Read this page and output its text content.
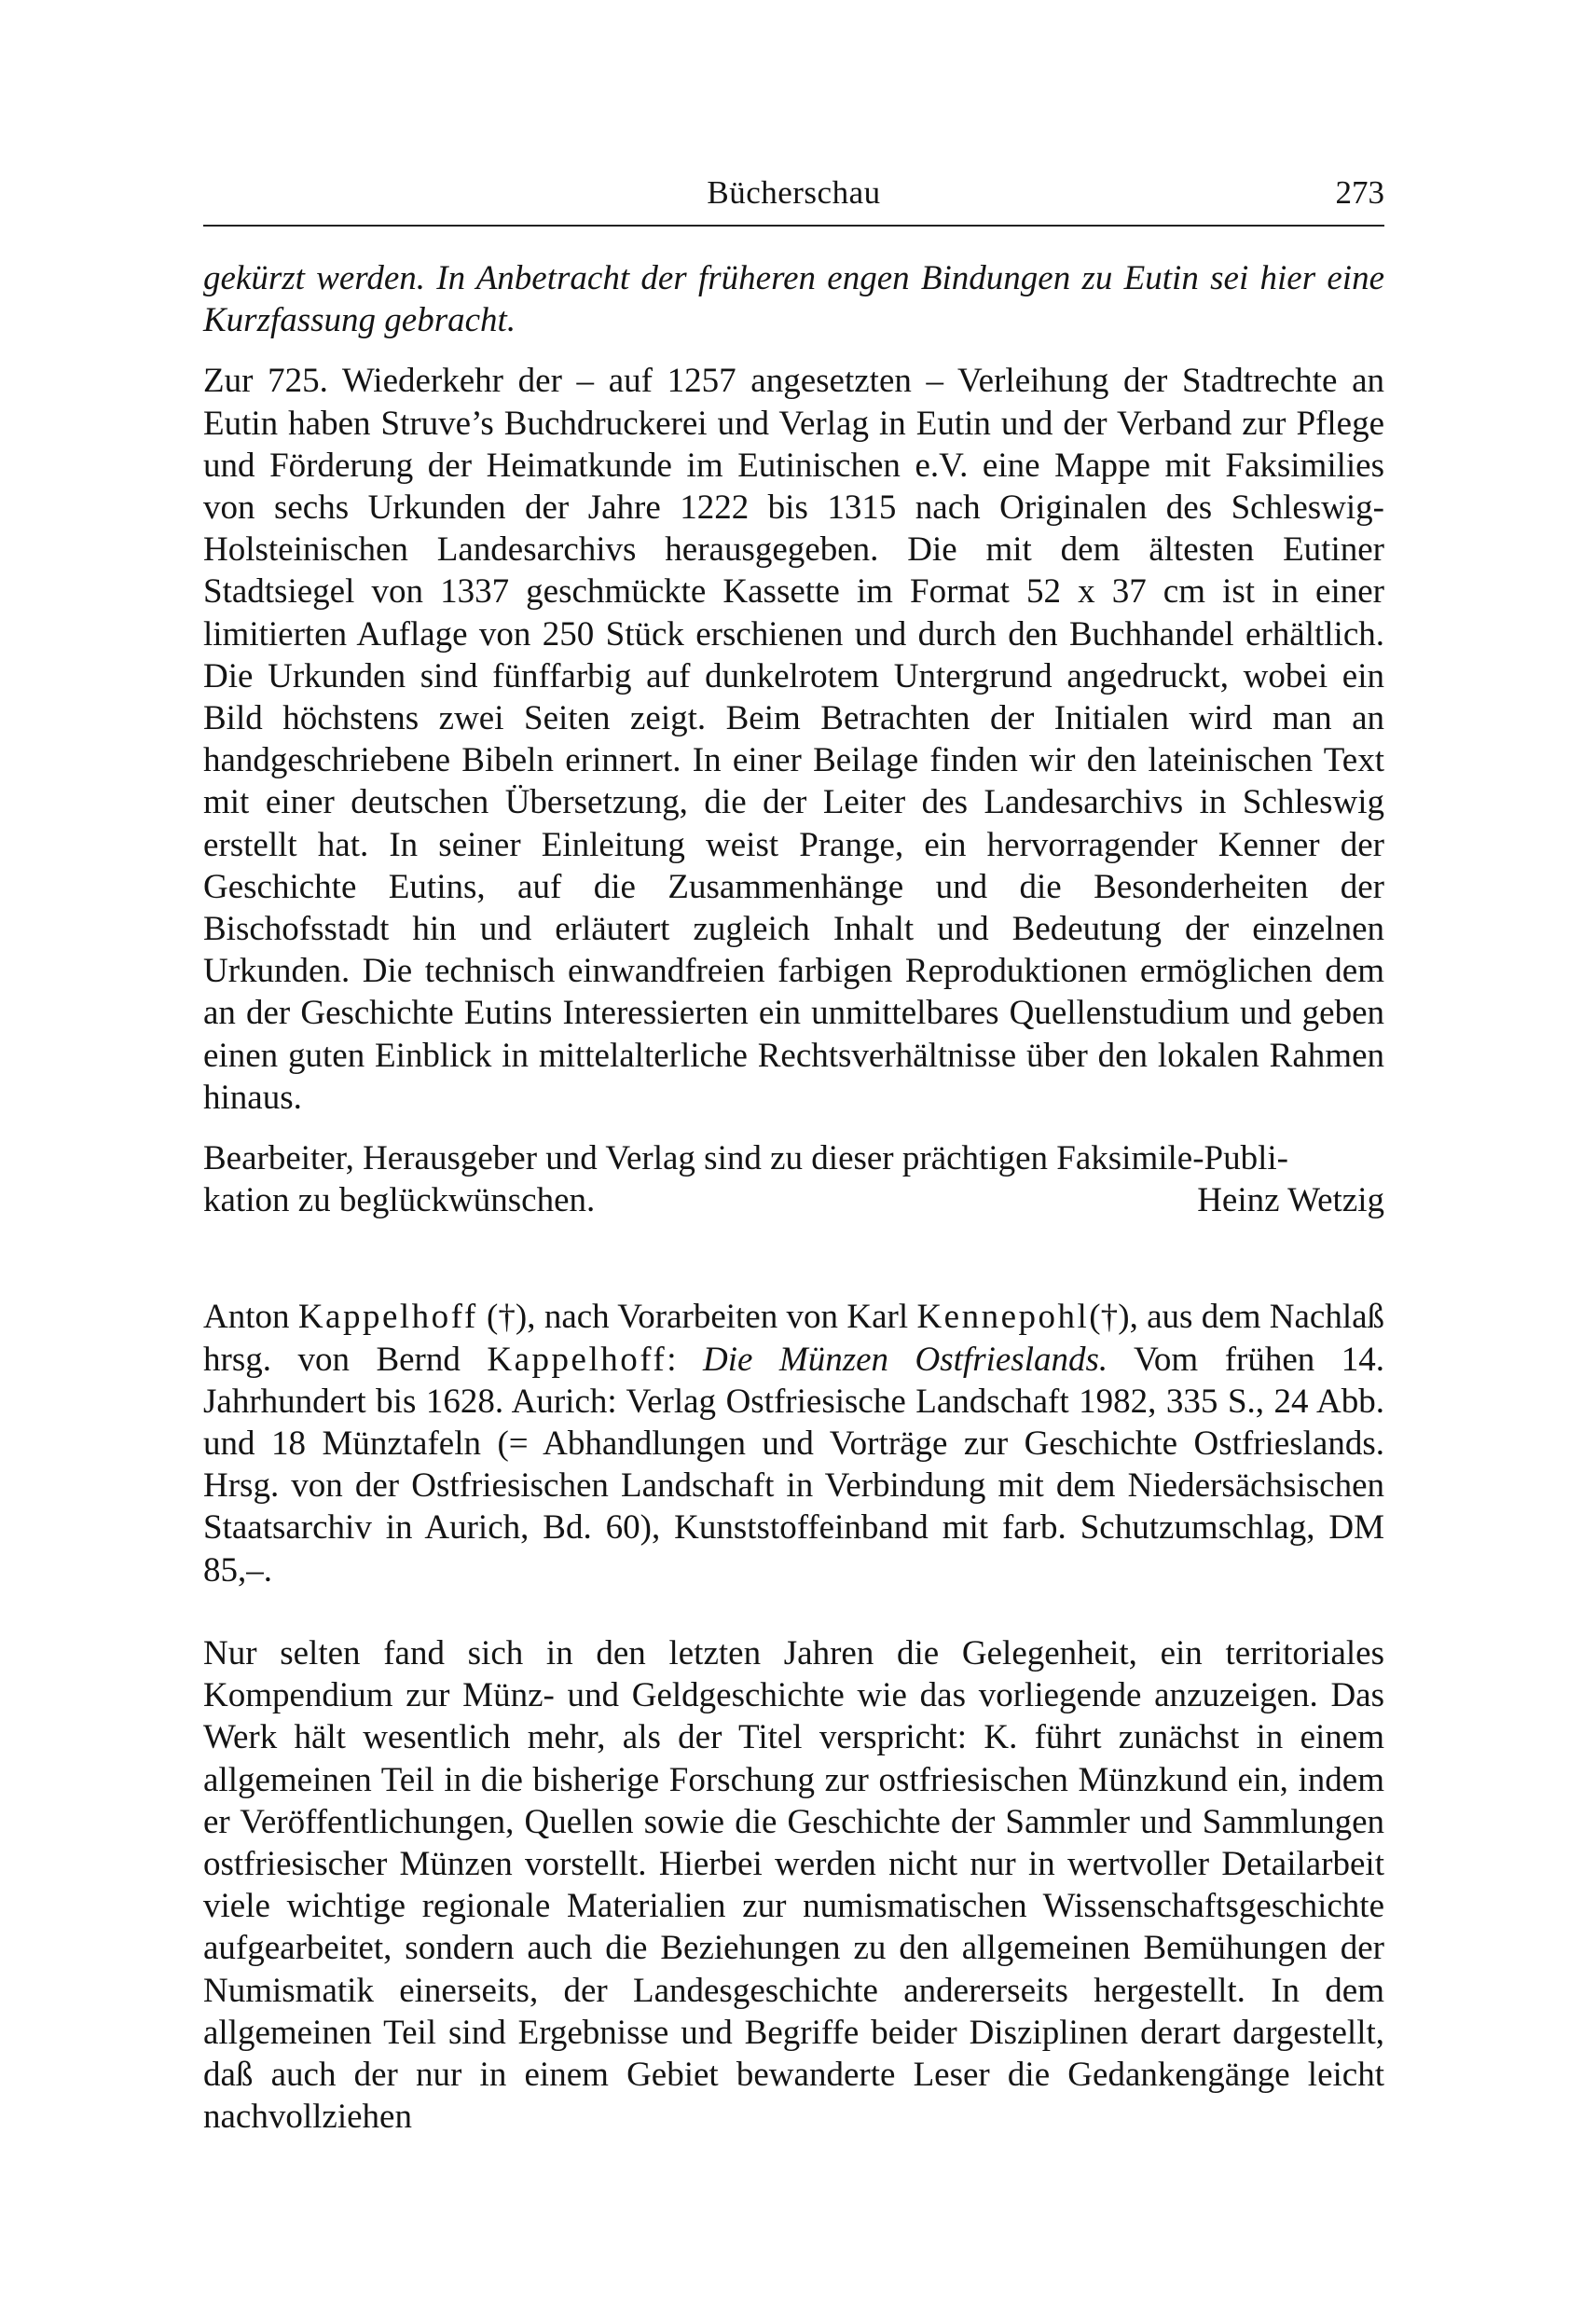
Bücherschau	273

gekürzt werden. In Anbetracht der früheren engen Bindungen zu Eutin sei hier eine Kurzfassung gebracht.

Zur 725. Wiederkehr der – auf 1257 angesetzten – Verleihung der Stadtrechte an Eutin haben Struve’s Buchdruckerei und Verlag in Eutin und der Verband zur Pflege und Förderung der Heimatkunde im Eutinischen e.V. eine Mappe mit Faksimilies von sechs Urkunden der Jahre 1222 bis 1315 nach Originalen des Schleswig-Holsteinischen Landesarchivs herausgegeben. Die mit dem ältesten Eutiner Stadtsiegel von 1337 geschmückte Kassette im Format 52 x 37 cm ist in einer limitierten Auflage von 250 Stück erschienen und durch den Buchhandel erhältlich. Die Urkunden sind fünffarbig auf dunkelrotem Untergrund angedruckt, wobei ein Bild höchstens zwei Seiten zeigt. Beim Betrachten der Initialen wird man an handgeschriebene Bibeln erinnert. In einer Beilage finden wir den lateinischen Text mit einer deutschen Übersetzung, die der Leiter des Landesarchivs in Schleswig erstellt hat. In seiner Einleitung weist Prange, ein hervorragender Kenner der Geschichte Eutins, auf die Zusammenhänge und die Besonderheiten der Bischofsstadt hin und erläutert zugleich Inhalt und Bedeutung der einzelnen Urkunden. Die technisch einwandfreien farbigen Reproduktionen ermöglichen dem an der Geschichte Eutins Interessierten ein unmittelbares Quellenstudium und geben einen guten Einblick in mittelalterliche Rechtsverhältnisse über den lokalen Rahmen hinaus.

Bearbeiter, Herausgeber und Verlag sind zu dieser prächtigen Faksimile-Publi-
kation zu beglückwünschen.	Heinz Wetzig

Anton Kappelhoff (†), nach Vorarbeiten von Karl Kennepohl(†), aus dem Nachlaß hrsg. von Bernd Kappelhoff: Die Münzen Ostfrieslands. Vom frühen 14. Jahrhundert bis 1628. Aurich: Verlag Ostfriesische Landschaft 1982, 335 S., 24 Abb. und 18 Münztafeln (= Abhandlungen und Vorträge zur Geschichte Ostfrieslands. Hrsg. von der Ostfriesischen Landschaft in Verbindung mit dem Niedersächsischen Staatsarchiv in Aurich, Bd. 60), Kunststoffeinband mit farb. Schutzumschlag, DM 85,–.

Nur selten fand sich in den letzten Jahren die Gelegenheit, ein territoriales Kompendium zur Münz- und Geldgeschichte wie das vorliegende anzuzeigen. Das Werk hält wesentlich mehr, als der Titel verspricht: K. führt zunächst in einem allgemeinen Teil in die bisherige Forschung zur ostfriesischen Münzkund ein, indem er Veröffentlichungen, Quellen sowie die Geschichte der Sammler und Sammlungen ostfriesischer Münzen vorstellt. Hierbei werden nicht nur in wertvoller Detailarbeit viele wichtige regionale Materialien zur numismatischen Wissenschaftsgeschichte aufgearbeitet, sondern auch die Beziehungen zu den allgemeinen Bemühungen der Numismatik einerseits, der Landesgeschichte andererseits hergestellt. In dem allgemeinen Teil sind Ergebnisse und Begriffe beider Disziplinen derart dargestellt, daß auch der nur in einem Gebiet bewanderte Leser die Gedankengänge leicht nachvollziehen
